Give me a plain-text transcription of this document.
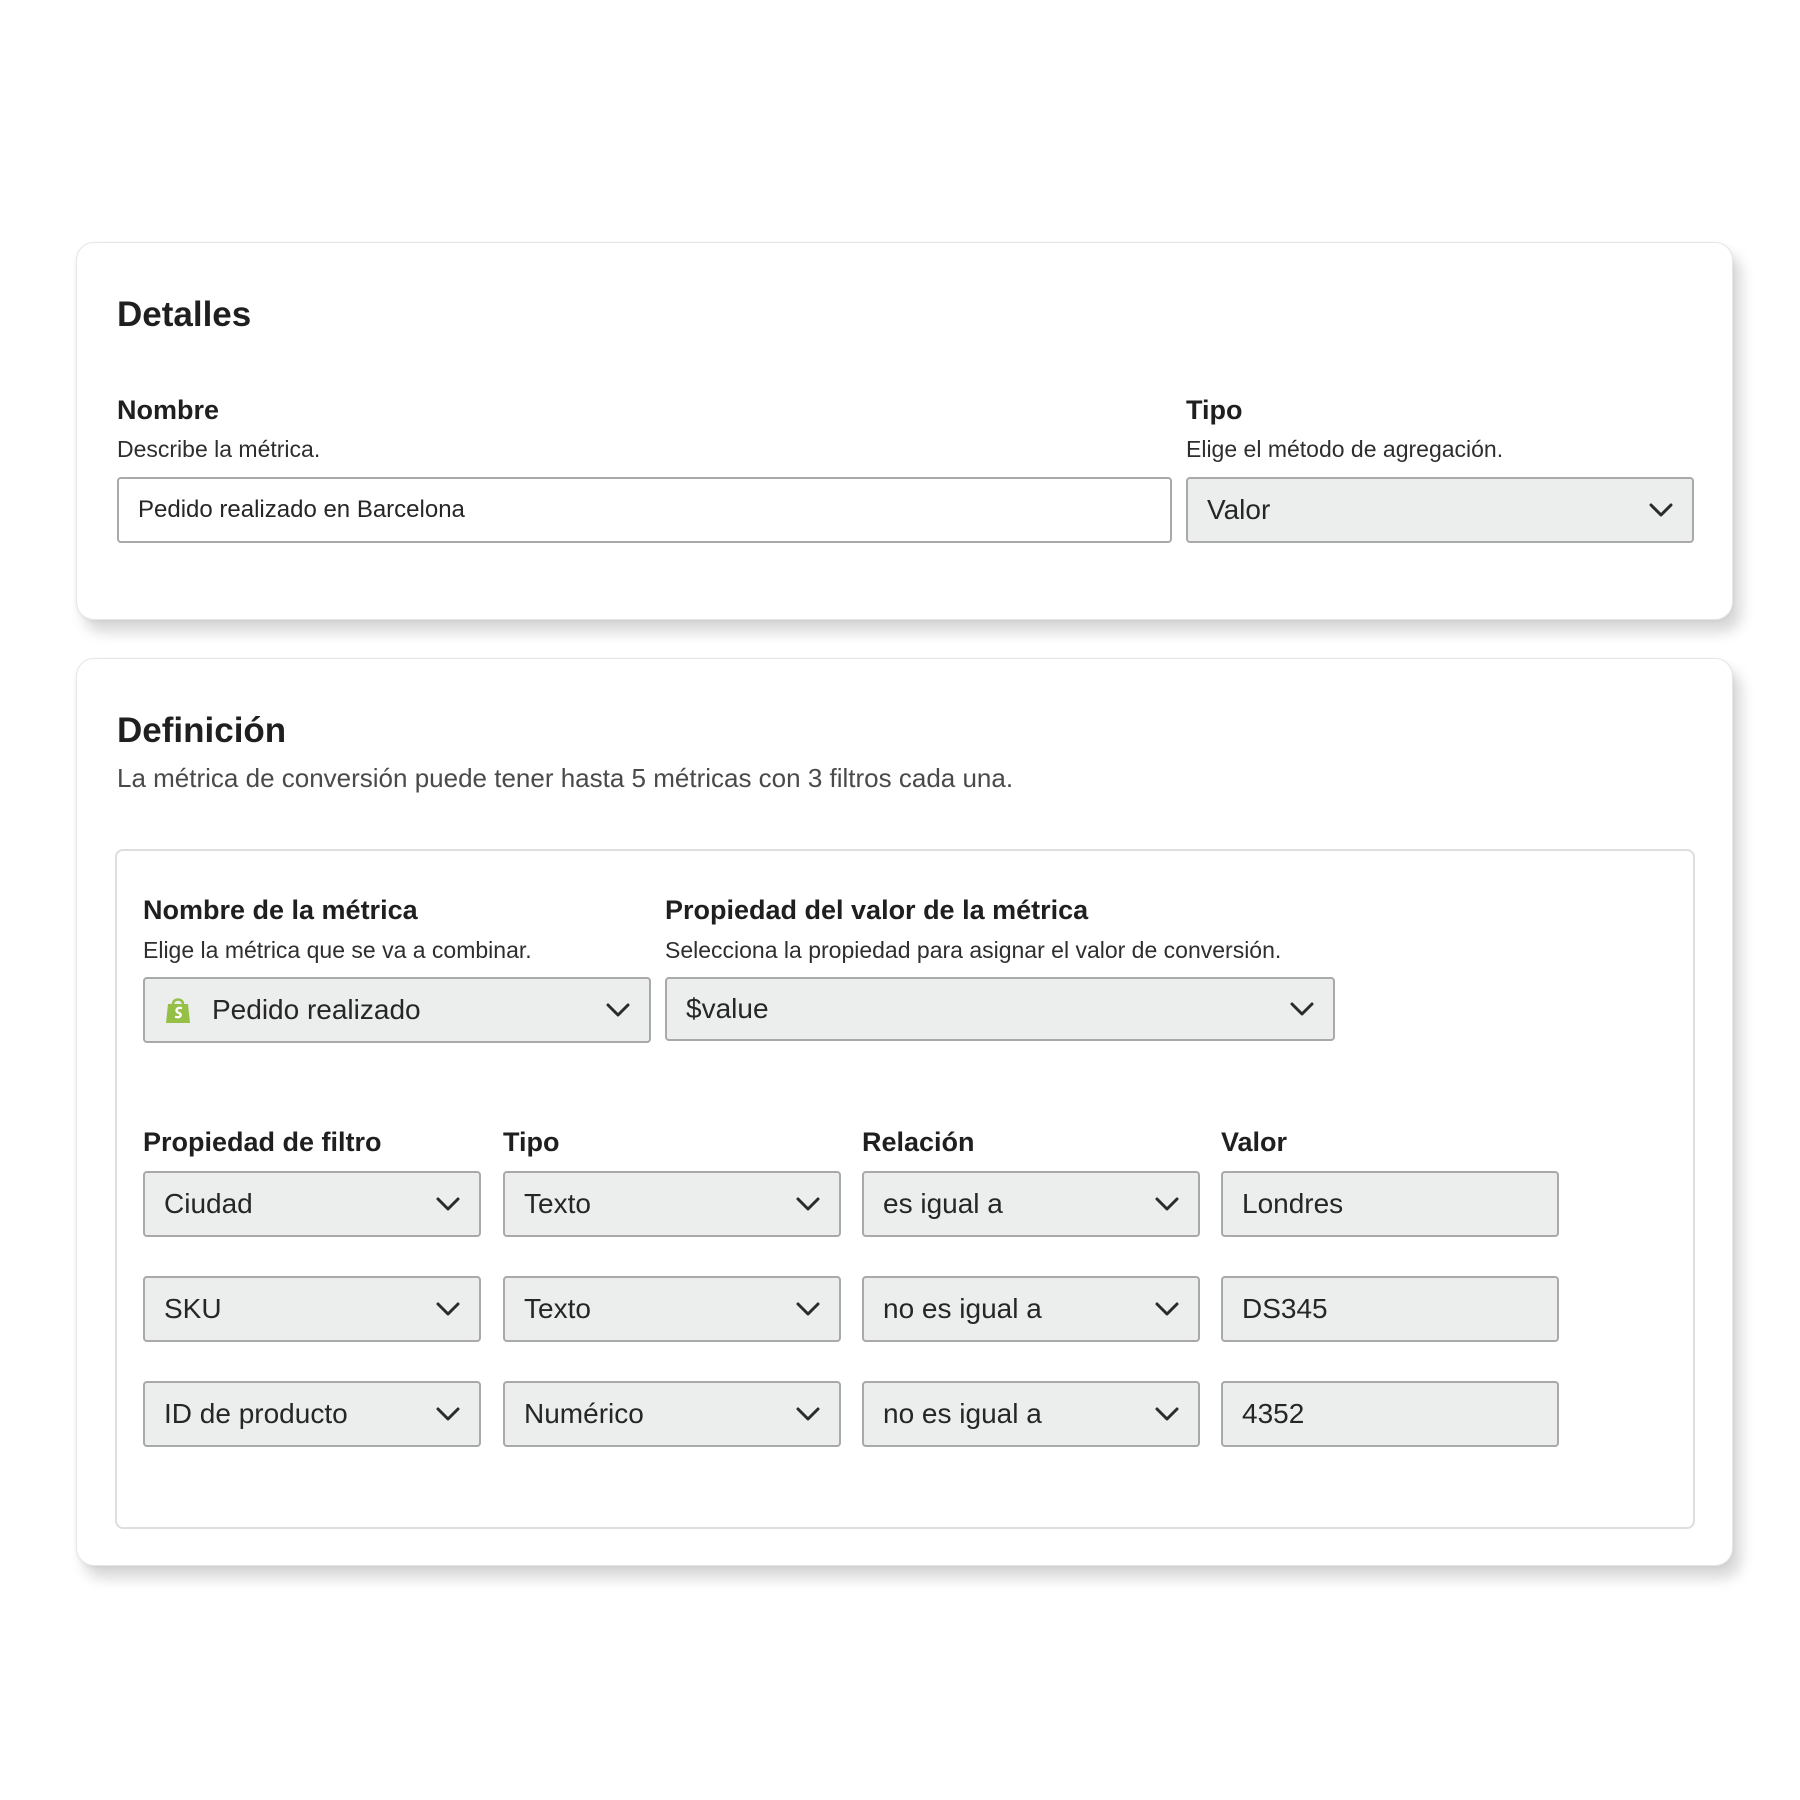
Detalles
Nombre
Describe la métrica.
Pedido realizado en Barcelona
Tipo
Elige el método de agregación.
Valor
Definición
La métrica de conversión puede tener hasta 5 métricas con 3 filtros cada una.
Nombre de la métrica
Elige la métrica que se va a combinar.
Pedido realizado
Propiedad del valor de la métrica
Selecciona la propiedad para asignar el valor de conversión.
$value
Propiedad de filtro	Tipo	Relación	Valor
Ciudad	Texto	es igual a	Londres
SKU	Texto	no es igual a	DS345
ID de producto	Numérico	no es igual a	4352
